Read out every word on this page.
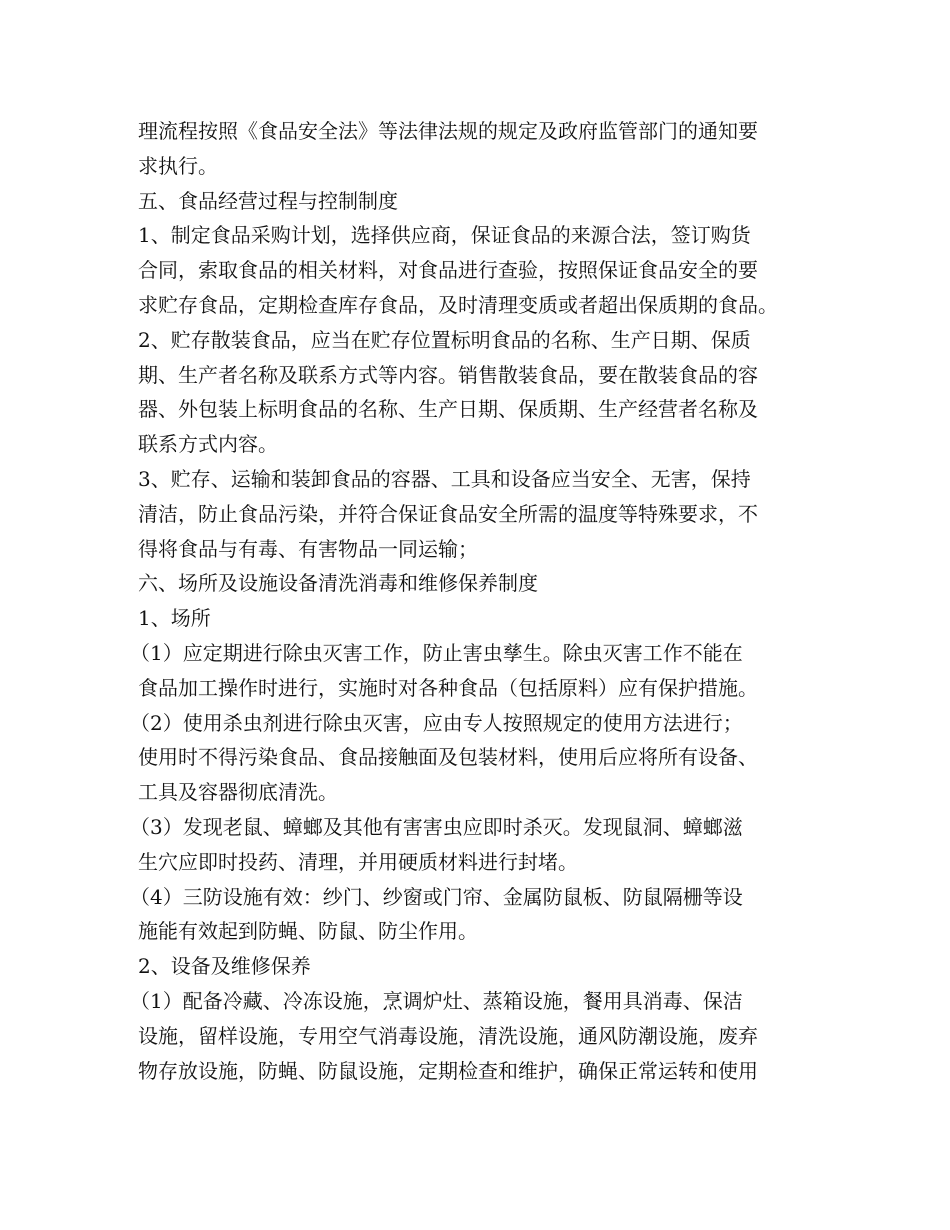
理流程按照《食品安全法》等法律法规的规定及政府监管部门的通知要
求执行。
五、食品经营过程与控制制度
1、制定食品采购计划，选择供应商，保证食品的来源合法，签订购货
合同，索取食品的相关材料，对食品进行查验，按照保证食品安全的要
求贮存食品，定期检查库存食品，及时清理变质或者超出保质期的食品。
2、贮存散装食品，应当在贮存位置标明食品的名称、生产日期、保质
期、生产者名称及联系方式等内容。销售散装食品，要在散装食品的容
器、外包装上标明食品的名称、生产日期、保质期、生产经营者名称及
联系方式内容。
3、贮存、运输和装卸食品的容器、工具和设备应当安全、无害，保持
清洁，防止食品污染，并符合保证食品安全所需的温度等特殊要求，不
得将食品与有毒、有害物品一同运输；
六、场所及设施设备清洗消毒和维修保养制度
1、场所
（1）应定期进行除虫灭害工作，防止害虫孳生。除虫灭害工作不能在
食品加工操作时进行，实施时对各种食品（包括原料）应有保护措施。
（2）使用杀虫剂进行除虫灭害，应由专人按照规定的使用方法进行；
使用时不得污染食品、食品接触面及包装材料，使用后应将所有设备、
工具及容器彻底清洗。
（3）发现老鼠、蟑螂及其他有害害虫应即时杀灭。发现鼠洞、蟑螂滋
生穴应即时投药、清理，并用硬质材料进行封堵。
（4）三防设施有效：纱门、纱窗或门帘、金属防鼠板、防鼠隔栅等设
施能有效起到防蝇、防鼠、防尘作用。
2、设备及维修保养
（1）配备冷藏、冷冻设施，烹调炉灶、蒸箱设施，餐用具消毒、保洁
设施，留样设施，专用空气消毒设施，清洗设施，通风防潮设施，废弃
物存放设施，防蝇、防鼠设施，定期检查和维护，确保正常运转和使用
